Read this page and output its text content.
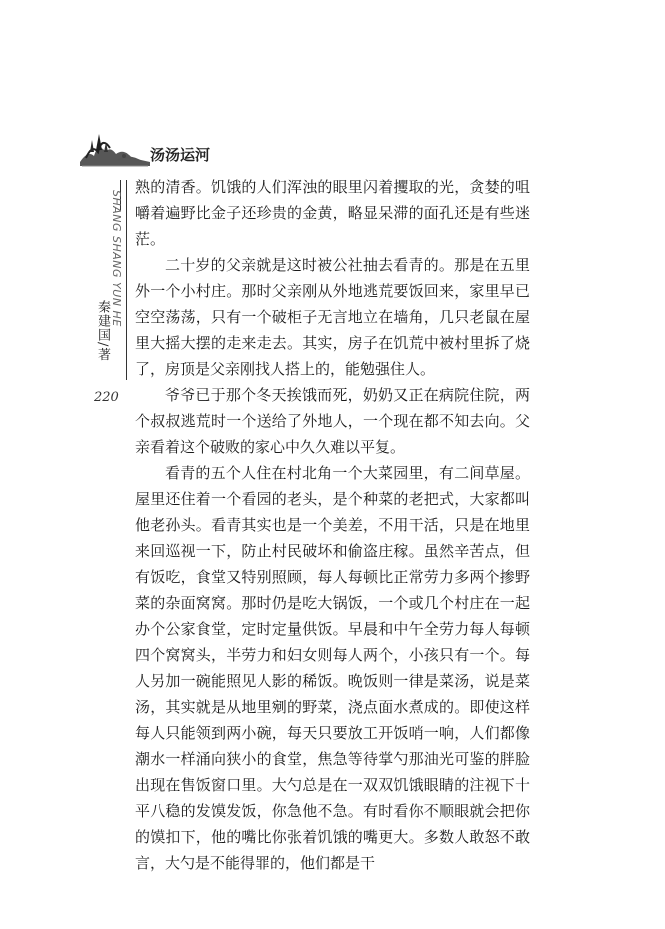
汤汤运河
SHANG SHANG YUN HE
秦建国/著
220

熟的清香。饥饿的人们浑浊的眼里闪着攫取的光，贪婪的咀嚼着遍野比金子还珍贵的金黄，略显呆滞的面孔还是有些迷茫。

二十岁的父亲就是这时被公社抽去看青的。那是在五里外一个小村庄。那时父亲刚从外地逃荒要饭回来，家里早已空空荡荡，只有一个破柜子无言地立在墙角，几只老鼠在屋里大摇大摆的走来走去。其实，房子在饥荒中被村里拆了烧了，房顶是父亲刚找人搭上的，能勉强住人。

爷爷已于那个冬天挨饿而死，奶奶又正在病院住院，两个叔叔逃荒时一个送给了外地人，一个现在都不知去向。父亲看着这个破败的家心中久久难以平复。

看青的五个人住在村北角一个大菜园里，有二间草屋。屋里还住着一个看园的老头，是个种菜的老把式，大家都叫他老孙头。看青其实也是一个美差，不用干活，只是在地里来回巡视一下，防止村民破坏和偷盗庄稼。虽然辛苦点，但有饭吃，食堂又特别照顾，每人每顿比正常劳力多两个掺野菜的杂面窝窝。那时仍是吃大锅饭，一个或几个村庄在一起办个公家食堂，定时定量供饭。早晨和中午全劳力每人每顿四个窝窝头，半劳力和妇女则每人两个，小孩只有一个。每人另加一碗能照见人影的稀饭。晚饭则一律是菜汤，说是菜汤，其实就是从地里剜的野菜，浇点面水煮成的。即使这样每人只能领到两小碗，每天只要放工开饭哨一响，人们都像潮水一样涌向狭小的食堂，焦急等待掌勺那油光可鉴的胖脸出现在售饭窗口里。大勺总是在一双双饥饿眼睛的注视下十平八稳的发馍发饭，你急他不急。有时看你不顺眼就会把你的馍扣下，他的嘴比你张着饥饿的嘴更大。多数人敢怒不敢言，大勺是不能得罪的，他们都是干
